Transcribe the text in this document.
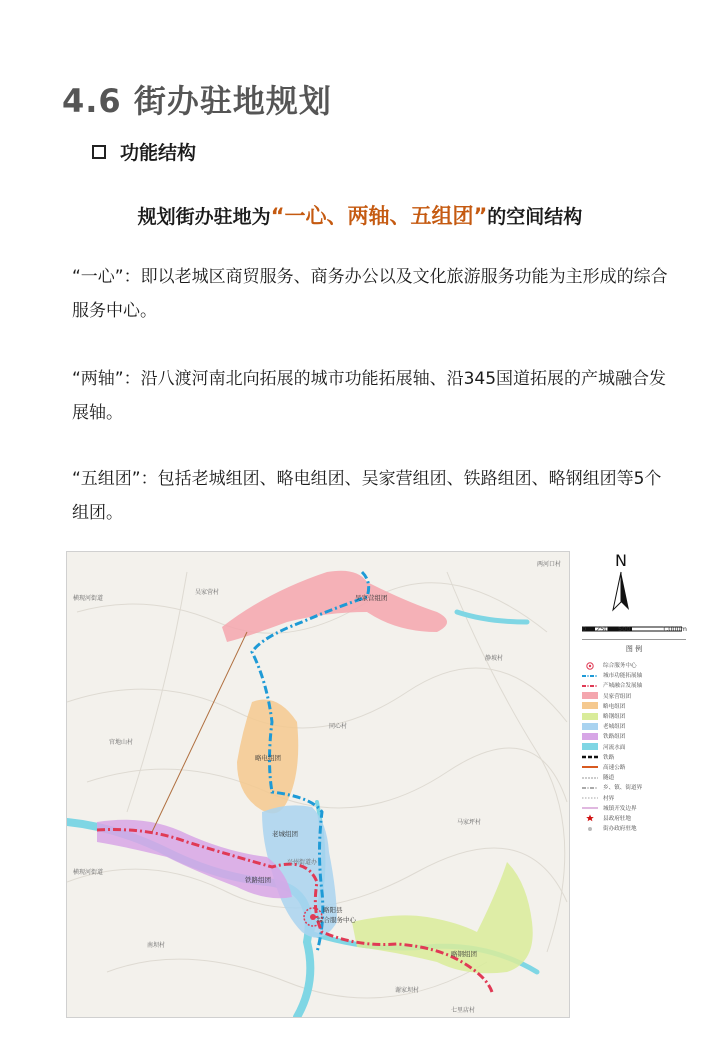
4.6 街办驻地规划
功能结构
规划街办驻地为“一心、两轴、五组团”的空间结构
“一心”：即以老城区商贸服务、商务办公以及文化旅游服务功能为主形成的综合服务中心。
“两轴”：沿八渡河南北向拓展的城市功能拓展轴、沿345国道拓展的产城融合发展轴。
“五组团”：包括老城组团、略电组团、吴家营组团、铁路组团、略钢组团等5个组团。
吴家营组团
吴家营村
横现河街道
两河口村
静坡村
同心村
略电组团
官地山村
老城组团
马家坪村
铁路组团
兴州街道办
略阳县
综合服务中心
略钢组团
谢家坝村
南坝村
七里店村
横现河街道
N
0 250 500	1,000m
图 例
综合服务中心
城市功能拓展轴
产城融合发展轴
吴家营组团
略电组团
略钢组团
老城组团
铁路组团
河流水面
铁路
高速公路
隧道
乡、镇、街道界
村界
城镇开发边界
县政府驻地
街办政府驻地
